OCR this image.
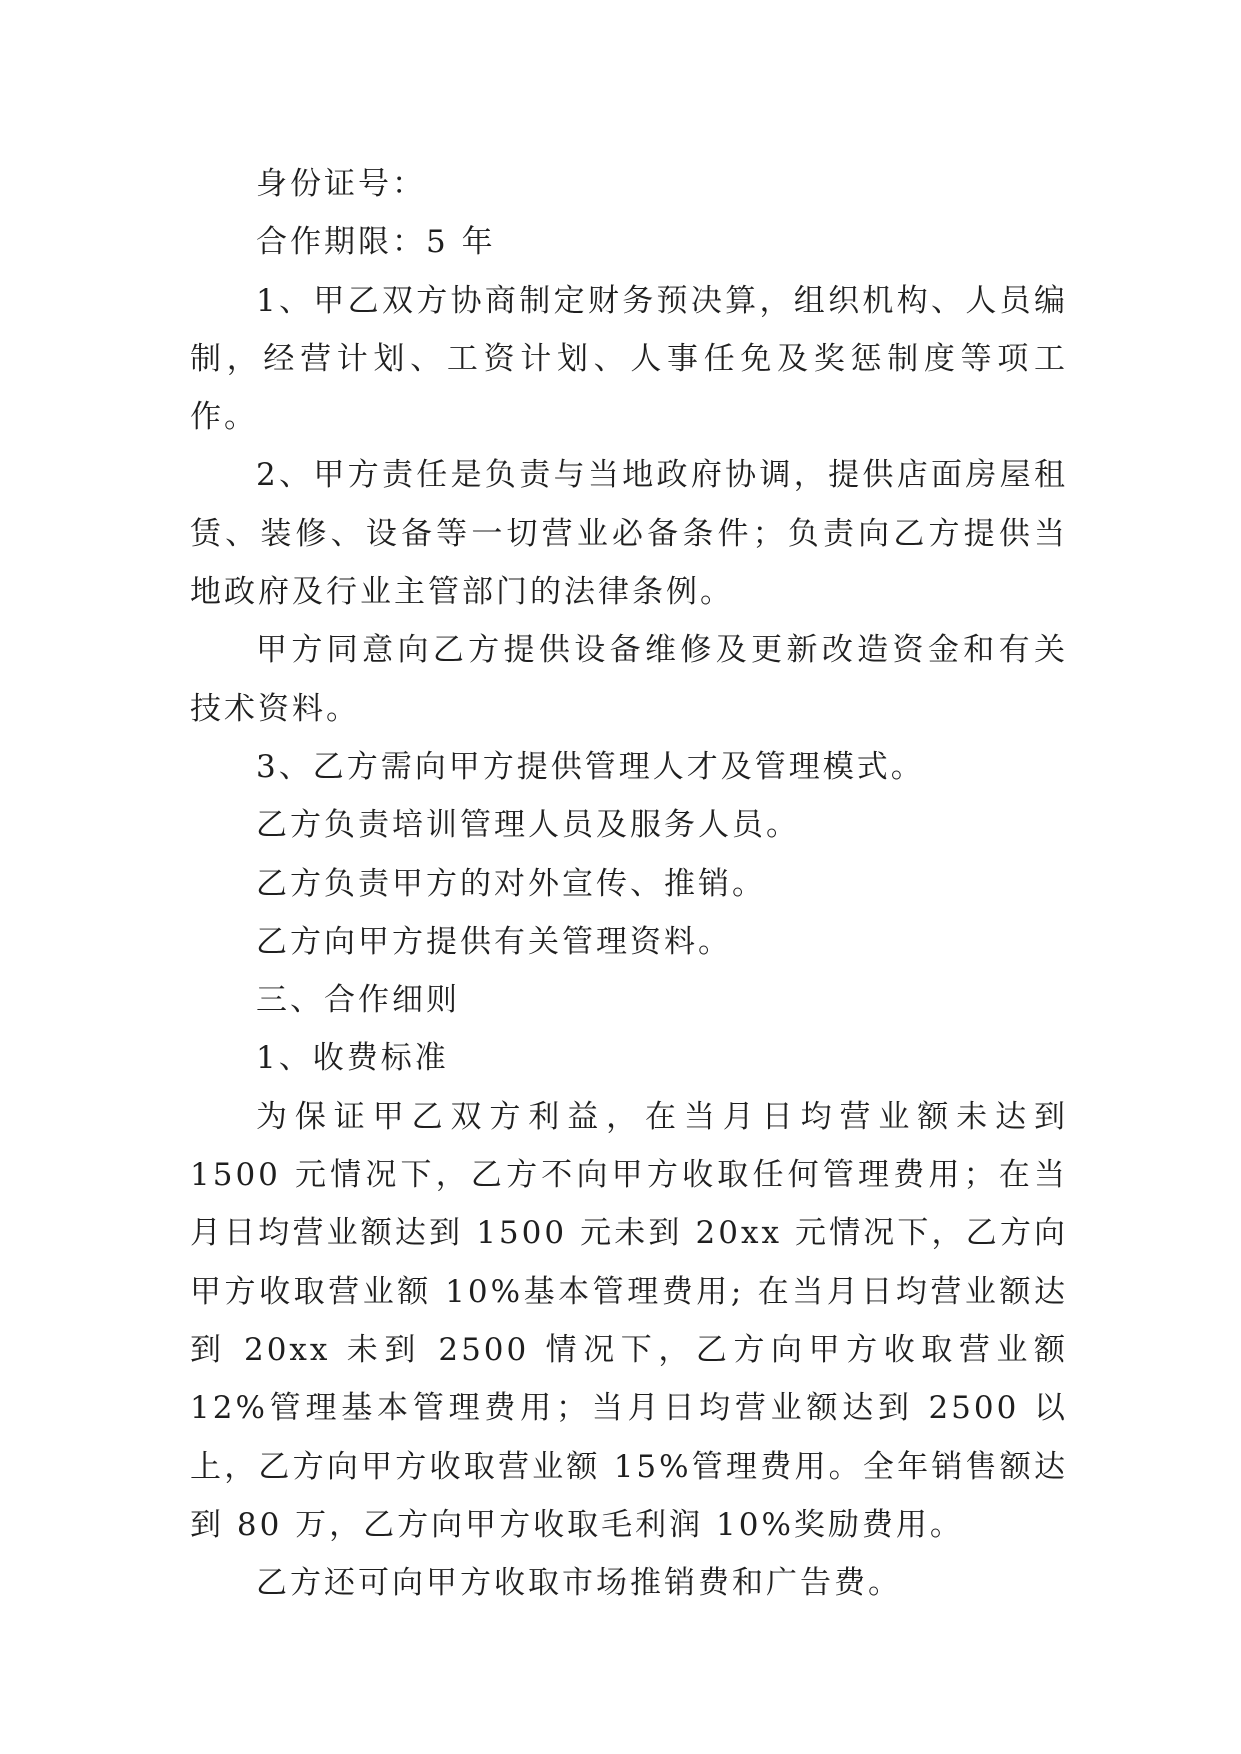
身份证号：

合作期限：5 年

1、甲乙双方协商制定财务预决算，组织机构、人员编制，经营计划、工资计划、人事任免及奖惩制度等项工作。

2、甲方责任是负责与当地政府协调，提供店面房屋租赁、装修、设备等一切营业必备条件；负责向乙方提供当地政府及行业主管部门的法律条例。

甲方同意向乙方提供设备维修及更新改造资金和有关技术资料。

3、乙方需向甲方提供管理人才及管理模式。

乙方负责培训管理人员及服务人员。

乙方负责甲方的对外宣传、推销。

乙方向甲方提供有关管理资料。

三、合作细则

1、收费标准

为保证甲乙双方利益，在当月日均营业额未达到 1500 元情况下，乙方不向甲方收取任何管理费用；在当月日均营业额达到 1500 元未到 20xx 元情况下，乙方向甲方收取营业额 10%基本管理费用; 在当月日均营业额达到 20xx 未到 2500 情况下，乙方向甲方收取营业额 12%管理基本管理费用；当月日均营业额达到 2500 以上，乙方向甲方收取营业额 15%管理费用。全年销售额达到 80 万，乙方向甲方收取毛利润 10%奖励费用。

乙方还可向甲方收取市场推销费和广告费。
